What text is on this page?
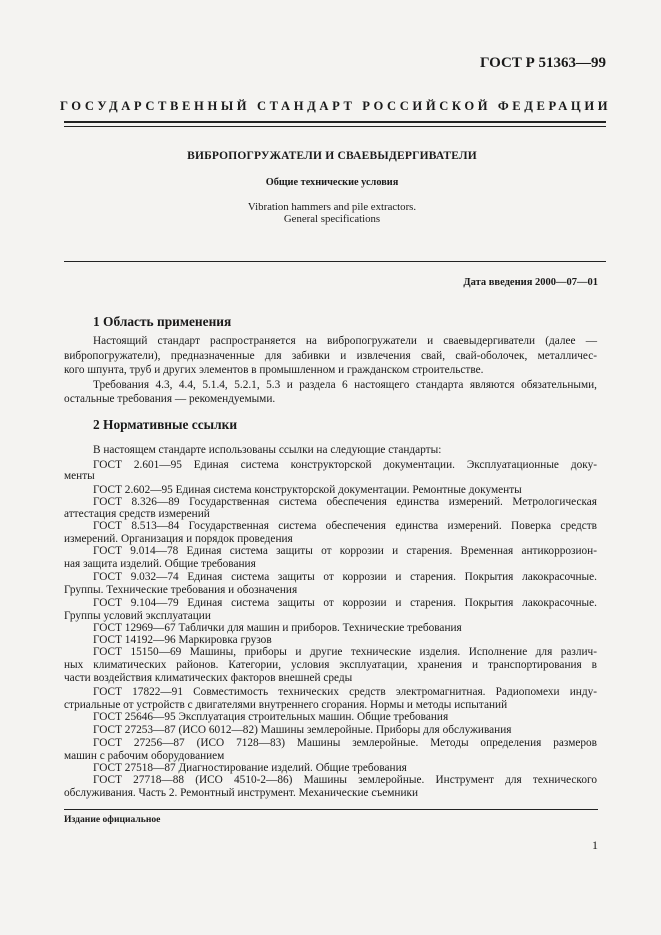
ГОСТ Р 51363—99
ГОСУДАРСТВЕННЫЙ СТАНДАРТ РОССИЙСКОЙ ФЕДЕРАЦИИ
ВИБРОПОГРУЖАТЕЛИ И СВАЕВЫДЕРГИВАТЕЛИ
Общие технические условия
Vibration hammers and pile extractors.
General specifications
Дата введения 2000—07—01
1 Область применения
Настоящий стандарт распространяется на вибропогружатели и сваевыдергиватели (далее —
вибропогружатели), предназначенные для забивки и извлечения свай, свай-оболочек, металличес-
кого шпунта, труб и других элементов в промышленном и гражданском строительстве.
Требования 4.3, 4.4, 5.1.4, 5.2.1, 5.3 и раздела 6 настоящего стандарта являются обязательными,
остальные требования — рекомендуемыми.
2 Нормативные ссылки
В настоящем стандарте использованы ссылки на следующие стандарты:
ГОСТ 2.601—95 Единая система конструкторской документации. Эксплуатационные доку-
менты
ГОСТ 2.602—95 Единая система конструкторской документации. Ремонтные документы
ГОСТ 8.326—89 Государственная система обеспечения единства измерений. Метрологическая
аттестация средств измерений
ГОСТ 8.513—84 Государственная система обеспечения единства измерений. Поверка средств
измерений. Организация и порядок проведения
ГОСТ 9.014—78 Единая система защиты от коррозии и старения. Временная антикоррозион-
ная защита изделий. Общие требования
ГОСТ 9.032—74 Единая система защиты от коррозии и старения. Покрытия лакокрасочные.
Группы. Технические требования и обозначения
ГОСТ 9.104—79 Единая система защиты от коррозии и старения. Покрытия лакокрасочные.
Группы условий эксплуатации
ГОСТ 12969—67 Таблички для машин и приборов. Технические требования
ГОСТ 14192—96 Маркировка грузов
ГОСТ 15150—69 Машины, приборы и другие технические изделия. Исполнение для различ-
ных климатических районов. Категории, условия эксплуатации, хранения и транспортирования в
части воздействия климатических факторов внешней среды
ГОСТ 17822—91 Совместимость технических средств электромагнитная. Радиопомехи инду-
стриальные от устройств с двигателями внутреннего сгорания. Нормы и методы испытаний
ГОСТ 25646—95 Эксплуатация строительных машин. Общие требования
ГОСТ 27253—87 (ИСО 6012—82) Машины землеройные. Приборы для обслуживания
ГОСТ 27256—87 (ИСО 7128—83) Машины землеройные. Методы определения размеров
машин с рабочим оборудованием
ГОСТ 27518—87 Диагностирование изделий. Общие требования
ГОСТ 27718—88 (ИСО 4510-2—86) Машины землеройные. Инструмент для технического
обслуживания. Часть 2. Ремонтный инструмент. Механические съемники
Издание официальное
1
